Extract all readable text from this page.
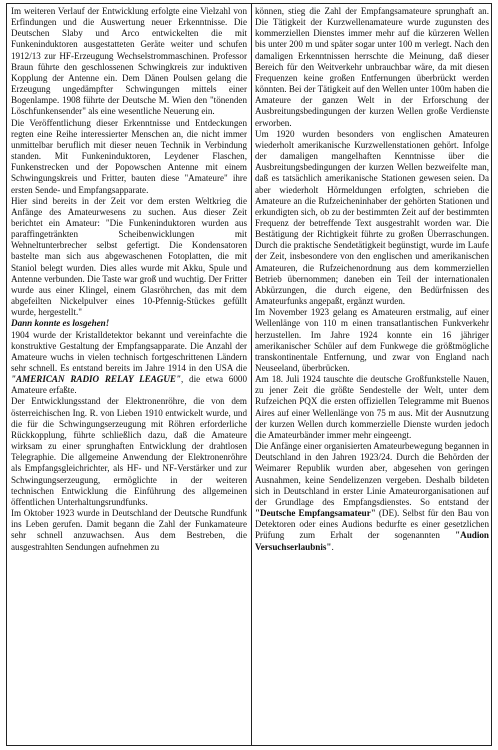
Im weiteren Verlauf der Entwicklung erfolgte eine Vielzahl von Erfindungen und die Auswertung neuer Erkenntnisse. Die Deutschen Slaby und Arco entwickelten die mit Funkeninduktoren ausgestatteten Geräte weiter und schufen 1912/13 zur HF-Erzeugung Wechselstrommaschinen. Professor Braun führte den geschlossenen Schwingkreis zur induktiven Kopplung der Antenne ein. Dem Dänen Poulsen gelang die Erzeugung ungedämpfter Schwingungen mittels einer Bogenlampe. 1908 führte der Deutsche M. Wien den "tönenden Löschfunkensender" als eine wesentliche Neuerung ein.

Die Veröffentlichung dieser Erkenntnisse und Entdeckungen regten eine Reihe interessierter Menschen an, die nicht immer unmittelbar beruflich mit dieser neuen Technik in Verbindung standen. Mit Funkeninduktoren, Leydener Flaschen, Funkenstrecken und der Popowschen Antenne mit einem Schwingungskreis und Fritter, bauten diese "Amateure" ihre ersten Sende- und Empfangsapparate.

Hier sind bereits in der Zeit vor dem ersten Weltkrieg die Anfänge des Amateurwesens zu suchen. Aus dieser Zeit berichtet ein Amateur: "Die Funkeninduktoren wurden aus paraffingetränkten Scheibenwicklungen mit Wehneltunterbrecher selbst gefertigt. Die Kondensatoren bastelte man sich aus abgewaschenen Fotoplatten, die mit Staniol belegt wurden. Dies alles wurde mit Akku, Spule und Antenne verbunden. Die Taste war groß und wuchtig. Der Fritter wurde aus einer Klingel, einem Glasröhrchen, das mit dem abgefeilten Nickelpulver eines 10-Pfennig-Stückes gefüllt wurde, hergestellt."

Dann konnte es losgehen!

1904 wurde der Kristalldetektor bekannt und vereinfachte die konstruktive Gestaltung der Empfangsapparate. Die Anzahl der Amateure wuchs in vielen technisch fortgeschrittenen Ländern sehr schnell. Es entstand bereits im Jahre 1914 in den USA die "AMERICAN RADIO RELAY LEAGUE", die etwa 6000 Amateure erfaßte.

Der Entwicklungsstand der Elektronenröhre, die von dem österreichischen Ing. R. von Lieben 1910 entwickelt wurde, und die für die Schwingungserzeugung mit Röhren erforderliche Rückkopplung, führte schließlich dazu, daß die Amateure wirksam zu einer sprunghaften Entwicklung der drahtlosen Telegraphie. Die allgemeine Anwendung der Elektronenröhre als Empfangsgleichrichter, als HF- und NF-Verstärker und zur Schwingungserzeugung, ermöglichte in der weiteren technischen Entwicklung die Einführung des allgemeinen öffentlichen Unterhaltungsrundfunks.

Im Oktober 1923 wurde in Deutschland der Deutsche Rundfunk ins Leben gerufen. Damit begann die Zahl der Funkamateure sehr schnell anzuwachsen. Aus dem Bestreben, die ausgestrahlten Sendungen aufnehmen zu

können, stieg die Zahl der Empfangsamateure sprunghaft an. Die Tätigkeit der Kurzwellenamateure wurde zugunsten des kommerziellen Dienstes immer mehr auf die kürzeren Wellen bis unter 200 m und später sogar unter 100 m verlegt. Nach den damaligen Erkenntnissen herrschte die Meinung, daß dieser Bereich für den Weitverkehr unbrauchbar wäre, da mit diesen Frequenzen keine großen Entfernungen überbrückt werden könnten. Bei der Tätigkeit auf den Wellen unter 100m haben die Amateure der ganzen Welt in der Erforschung der Ausbreitungsbedingungen der kurzen Wellen große Verdienste erworben.

Um 1920 wurden besonders von englischen Amateuren wiederholt amerikanische Kurzwellenstationen gehört. Infolge der damaligen mangelhaften Kenntnisse über die Ausbreitungsbedingungen der kurzen Wellen bezweifelte man, daß es tatsächlich amerikanische Stationen gewesen seien. Da aber wiederholt Hörmeldungen erfolgten, schrieben die Amateure an die Rufzeicheninhaber der gehörten Stationen und erkundigten sich, ob zu der bestimmten Zeit auf der bestimmten Frequenz der betreffende Text ausgestrahlt worden war. Die Bestätigung der Richtigkeit führte zu großen Überraschungen. Durch die praktische Sendetätigkeit begünstigt, wurde im Laufe der Zeit, insbesondere von den englischen und amerikanischen Amateuren, die Rufzeichenordnung aus dem kommerziellen Betrieb übernommen; daneben ein Teil der internationalen Abkürzungen, die durch eigene, den Bedürfnissen des Amateurfunks angepaßt, ergänzt wurden.

Im November 1923 gelang es Amateuren erstmalig, auf einer Wellenlänge von 110 m einen transatlantischen Funkverkehr herzustellen. Im Jahre 1924 konnte ein 16 jähriger amerikanischer Schüler auf dem Funkwege die größtmögliche transkontinentale Entfernung, und zwar von England nach Neuseeland, überbrücken.

Am 18. Juli 1924 tauschte die deutsche Großfunkstelle Nauen, zu jener Zeit die größte Sendestelle der Welt, unter dem Rufzeichen PQX die ersten offiziellen Telegramme mit Buenos Aires auf einer Wellenlänge von 75 m aus. Mit der Ausnutzung der kurzen Wellen durch kommerzielle Dienste wurden jedoch die Amateurbänder immer mehr eingeengt.

Die Anfänge einer organisierten Amateurbewegung begannen in Deutschland in den Jahren 1923/24. Durch die Behörden der Weimarer Republik wurden aber, abgesehen von geringen Ausnahmen, keine Sendelizenzen vergeben. Deshalb bildeten sich in Deutschland in erster Linie Amateurorganisationen auf der Grundlage des Empfangsdienstes. So entstand der "Deutsche Empfangsamateur" (DE). Selbst für den Bau von Detektoren oder eines Audions bedurfte es einer gesetzlichen Prüfung zum Erhalt der sogenannten "Audion Versuchserlaubnis".
